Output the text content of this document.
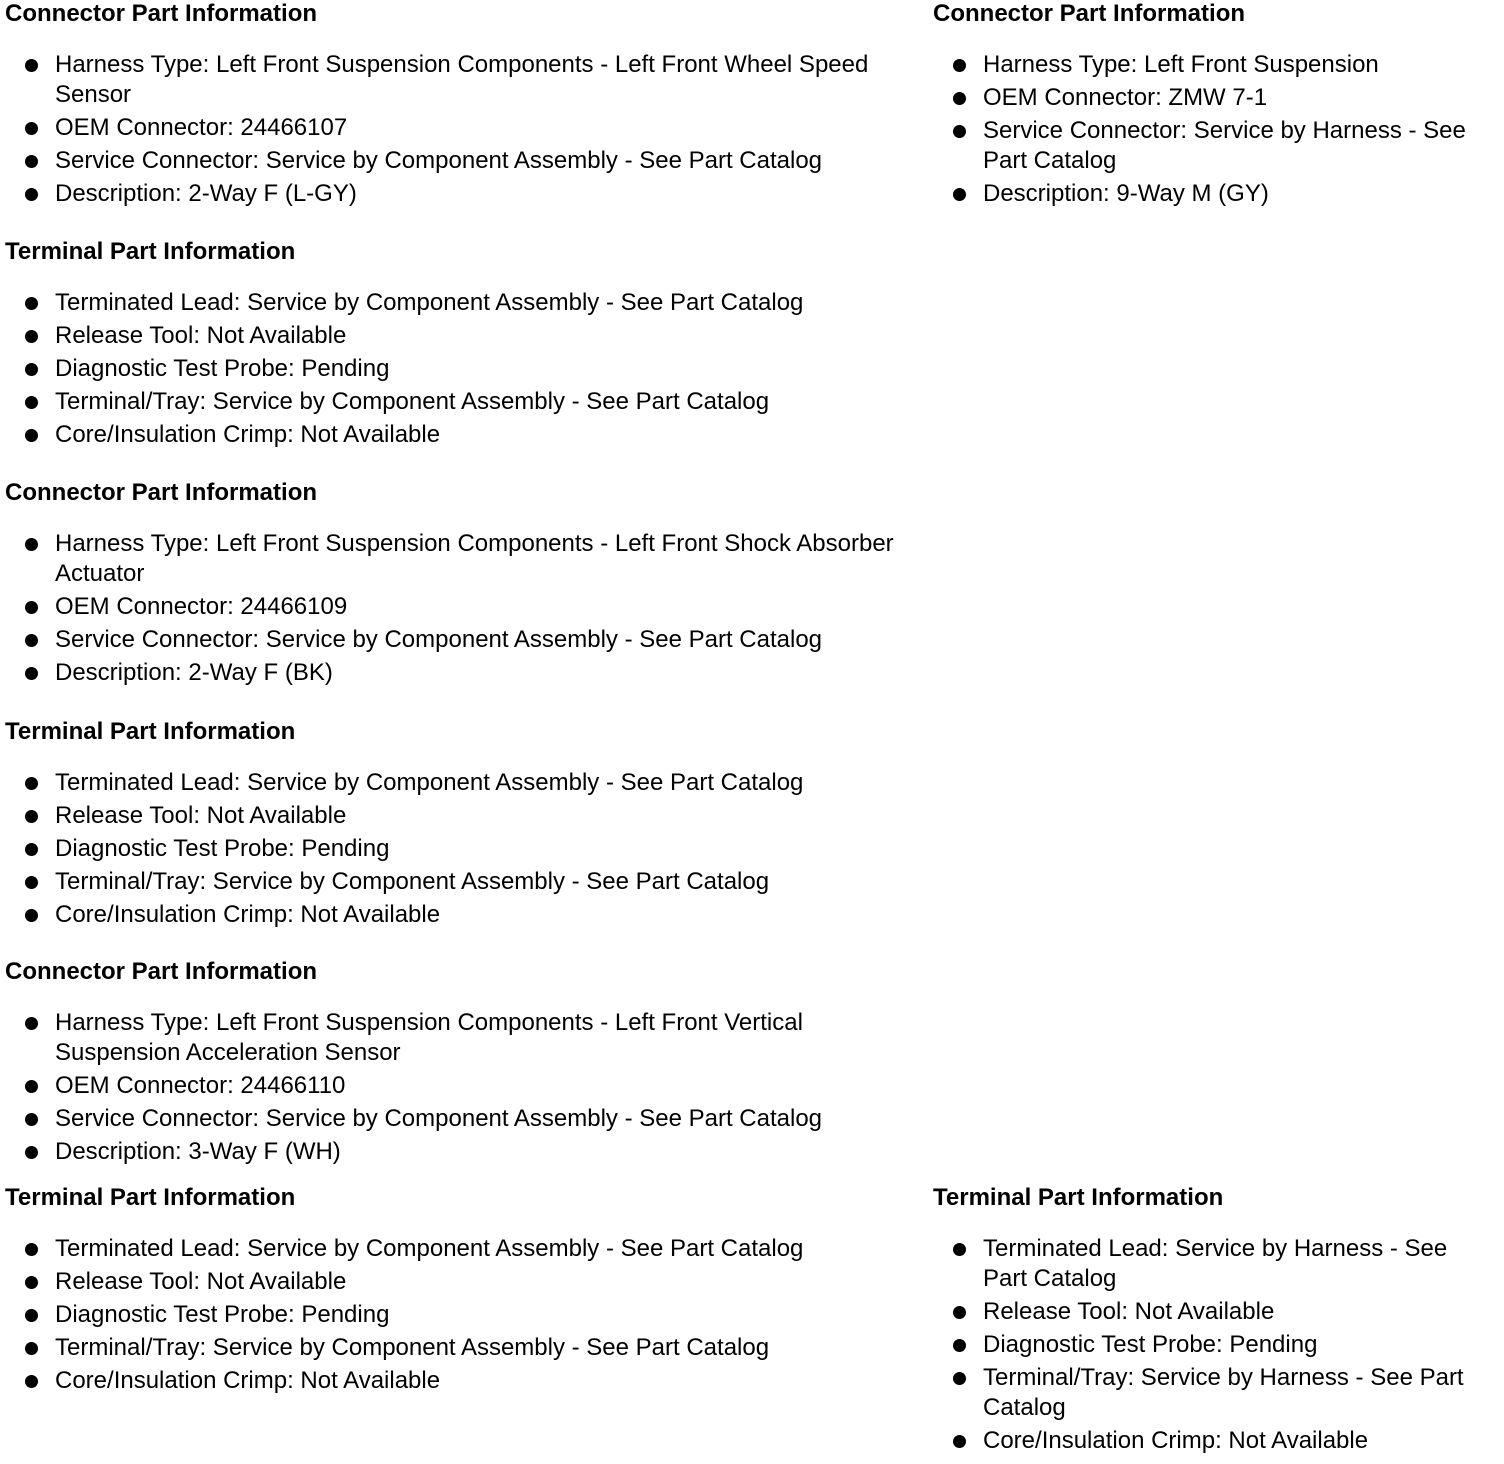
Connector Part Information
Harness Type: Left Front Suspension Components - Left Front Wheel Speed Sensor
OEM Connector: 24466107
Service Connector: Service by Component Assembly - See Part Catalog
Description: 2-Way F (L-GY)
Terminal Part Information
Terminated Lead: Service by Component Assembly - See Part Catalog
Release Tool: Not Available
Diagnostic Test Probe: Pending
Terminal/Tray: Service by Component Assembly - See Part Catalog
Core/Insulation Crimp: Not Available
Connector Part Information
Harness Type: Left Front Suspension Components - Left Front Shock Absorber Actuator
OEM Connector: 24466109
Service Connector: Service by Component Assembly - See Part Catalog
Description: 2-Way F (BK)
Terminal Part Information
Terminated Lead: Service by Component Assembly - See Part Catalog
Release Tool: Not Available
Diagnostic Test Probe: Pending
Terminal/Tray: Service by Component Assembly - See Part Catalog
Core/Insulation Crimp: Not Available
Connector Part Information
Harness Type: Left Front Suspension Components - Left Front Vertical Suspension Acceleration Sensor
OEM Connector: 24466110
Service Connector: Service by Component Assembly - See Part Catalog
Description: 3-Way F (WH)
Terminal Part Information
Terminated Lead: Service by Component Assembly - See Part Catalog
Release Tool: Not Available
Diagnostic Test Probe: Pending
Terminal/Tray: Service by Component Assembly - See Part Catalog
Core/Insulation Crimp: Not Available
Connector Part Information
Harness Type: Left Front Suspension
OEM Connector: ZMW 7-1
Service Connector: Service by Harness - See Part Catalog
Description: 9-Way M (GY)
Terminal Part Information
Terminated Lead: Service by Harness - See Part Catalog
Release Tool: Not Available
Diagnostic Test Probe: Pending
Terminal/Tray: Service by Harness - See Part Catalog
Core/Insulation Crimp: Not Available
